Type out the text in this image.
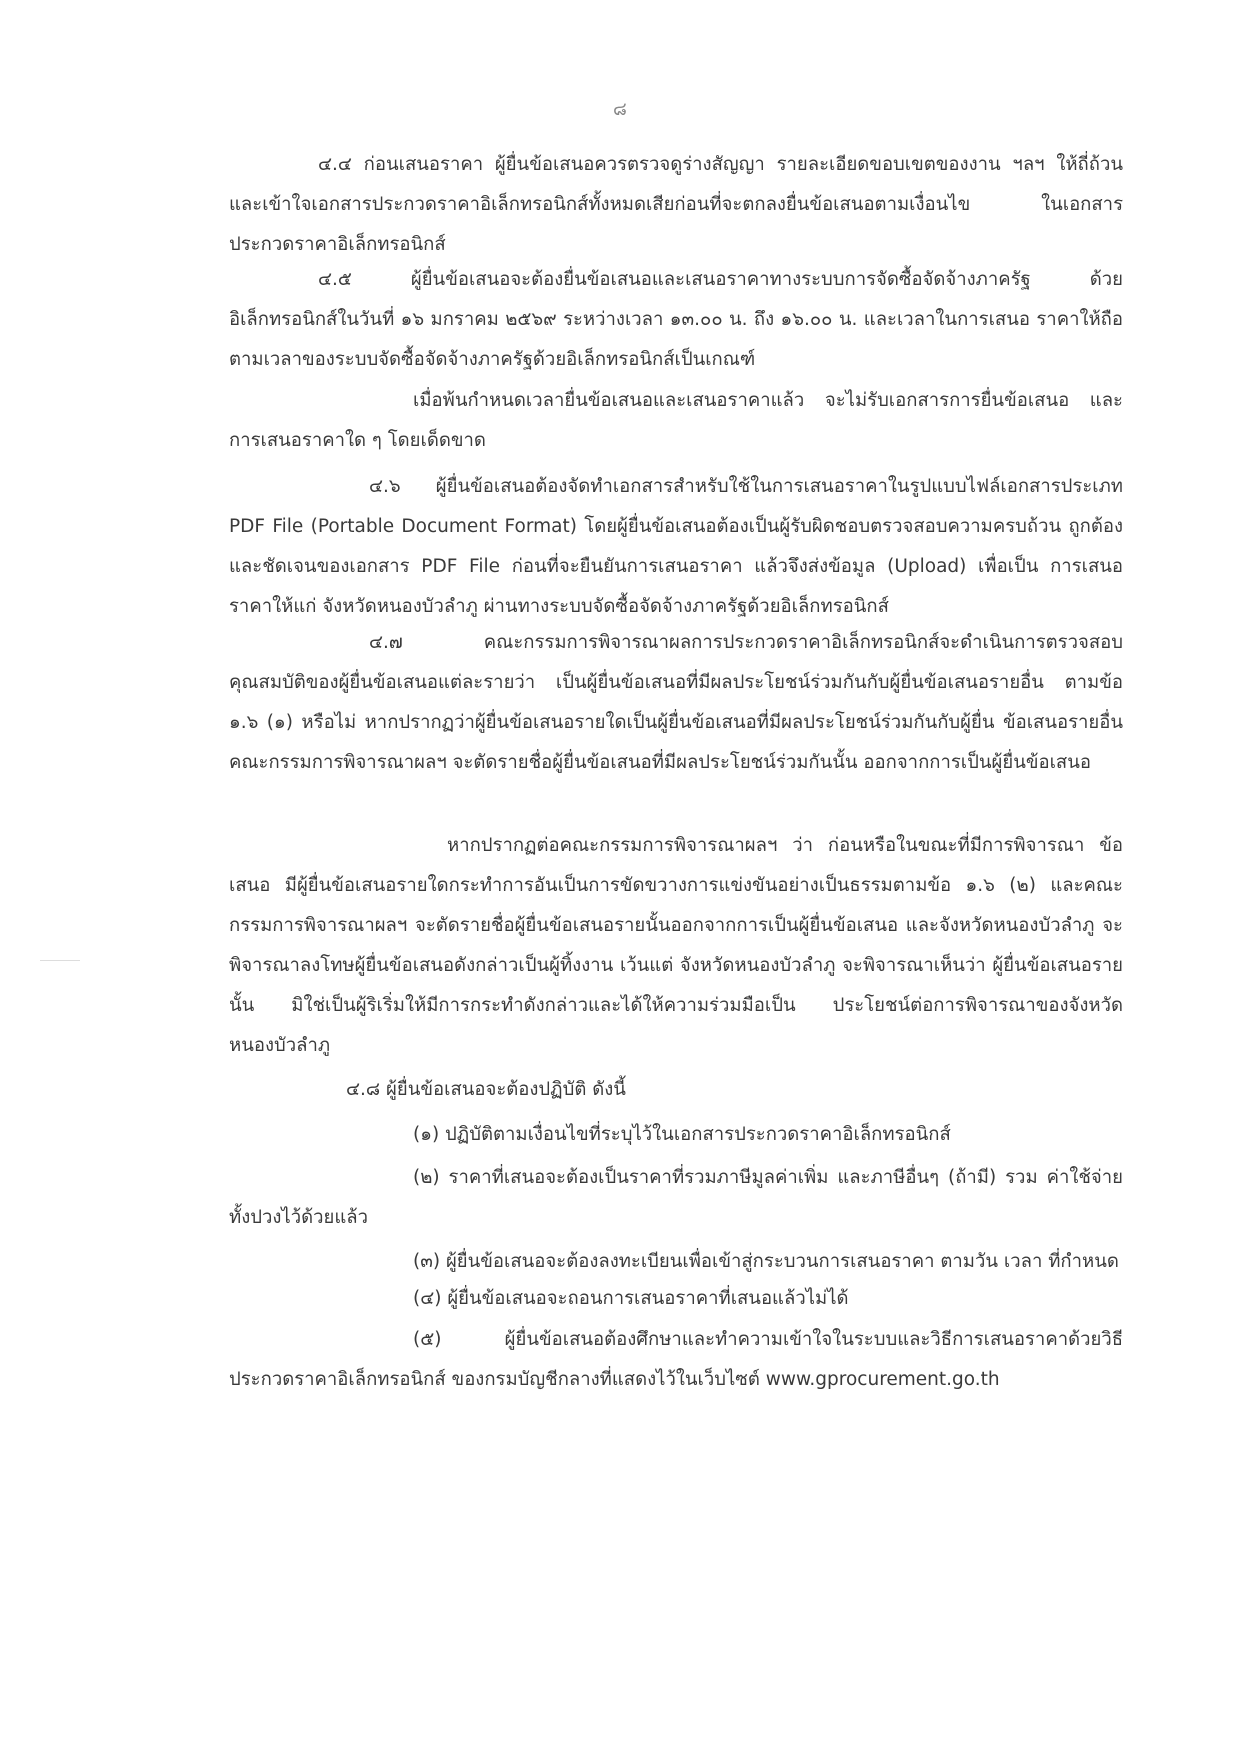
๘

๔.๔ ก่อนเสนอราคา ผู้ยื่นข้อเสนอควรตรวจดูร่างสัญญา รายละเอียดขอบเขตของงาน ฯลฯ ให้ถี่ถ้วนและเข้าใจเอกสารประกวดราคาอิเล็กทรอนิกส์ทั้งหมดเสียก่อนที่จะตกลงยื่นข้อเสนอตามเงื่อนไข ในเอกสารประกวดราคาอิเล็กทรอนิกส์

๔.๕ ผู้ยื่นข้อเสนอจะต้องยื่นข้อเสนอและเสนอราคาทางระบบการจัดซื้อจัดจ้างภาครัฐ ด้วยอิเล็กทรอนิกส์ในวันที่ ๑๖ มกราคม ๒๕๖๙ ระหว่างเวลา ๑๓.๐๐ น. ถึง ๑๖.๐๐ น. และเวลาในการเสนอ ราคาให้ถือตามเวลาของระบบจัดซื้อจัดจ้างภาครัฐด้วยอิเล็กทรอนิกส์เป็นเกณฑ์

เมื่อพ้นกำหนดเวลายื่นข้อเสนอและเสนอราคาแล้ว จะไม่รับเอกสารการยื่นข้อเสนอ และการเสนอราคาใด ๆ โดยเด็ดขาด

๔.๖ ผู้ยื่นข้อเสนอต้องจัดทำเอกสารสำหรับใช้ในการเสนอราคาในรูปแบบไฟล์เอกสารประเภท PDF File (Portable Document Format) โดยผู้ยื่นข้อเสนอต้องเป็นผู้รับผิดชอบตรวจสอบความครบถ้วน ถูกต้อง และชัดเจนของเอกสาร PDF File ก่อนที่จะยืนยันการเสนอราคา แล้วจึงส่งข้อมูล (Upload) เพื่อเป็น การเสนอราคาให้แก่ จังหวัดหนองบัวลำภู ผ่านทางระบบจัดซื้อจัดจ้างภาครัฐด้วยอิเล็กทรอนิกส์

๔.๗ คณะกรรมการพิจารณาผลการประกวดราคาอิเล็กทรอนิกส์จะดำเนินการตรวจสอบ คุณสมบัติของผู้ยื่นข้อเสนอแต่ละรายว่า เป็นผู้ยื่นข้อเสนอที่มีผลประโยชน์ร่วมกันกับผู้ยื่นข้อเสนอรายอื่น ตามข้อ ๑.๖ (๑) หรือไม่ หากปรากฏว่าผู้ยื่นข้อเสนอรายใดเป็นผู้ยื่นข้อเสนอที่มีผลประโยชน์ร่วมกันกับผู้ยื่น ข้อเสนอรายอื่น คณะกรรมการพิจารณาผลฯ จะตัดรายชื่อผู้ยื่นข้อเสนอที่มีผลประโยชน์ร่วมกันนั้น ออกจากการเป็นผู้ยื่นข้อเสนอ

หากปรากฏต่อคณะกรรมการพิจารณาผลฯ ว่า ก่อนหรือในขณะที่มีการพิจารณา ข้อเสนอ มีผู้ยื่นข้อเสนอรายใดกระทำการอันเป็นการขัดขวางการแข่งขันอย่างเป็นธรรมตามข้อ ๑.๖ (๒) และคณะกรรมการพิจารณาผลฯ จะตัดรายชื่อผู้ยื่นข้อเสนอรายนั้นออกจากการเป็นผู้ยื่นข้อเสนอ และจังหวัดหนองบัวลำภู จะพิจารณาลงโทษผู้ยื่นข้อเสนอดังกล่าวเป็นผู้ทิ้งงาน เว้นแต่ จังหวัดหนองบัวลำภู จะพิจารณาเห็นว่า ผู้ยื่นข้อเสนอรายนั้น มิใช่เป็นผู้ริเริ่มให้มีการกระทำดังกล่าวและได้ให้ความร่วมมือเป็น ประโยชน์ต่อการพิจารณาของจังหวัดหนองบัวลำภู

๔.๘ ผู้ยื่นข้อเสนอจะต้องปฏิบัติ ดังนี้

(๑) ปฏิบัติตามเงื่อนไขที่ระบุไว้ในเอกสารประกวดราคาอิเล็กทรอนิกส์

(๒) ราคาที่เสนอจะต้องเป็นราคาที่รวมภาษีมูลค่าเพิ่ม และภาษีอื่นๆ (ถ้ามี) รวม ค่าใช้จ่ายทั้งปวงไว้ด้วยแล้ว

(๓) ผู้ยื่นข้อเสนอจะต้องลงทะเบียนเพื่อเข้าสู่กระบวนการเสนอราคา ตามวัน เวลา ที่กำหนด

(๔) ผู้ยื่นข้อเสนอจะถอนการเสนอราคาที่เสนอแล้วไม่ได้

(๕) ผู้ยื่นข้อเสนอต้องศึกษาและทำความเข้าใจในระบบและวิธีการเสนอราคาด้วยวิธี ประกวดราคาอิเล็กทรอนิกส์ ของกรมบัญชีกลางที่แสดงไว้ในเว็บไซต์ www.gprocurement.go.th
